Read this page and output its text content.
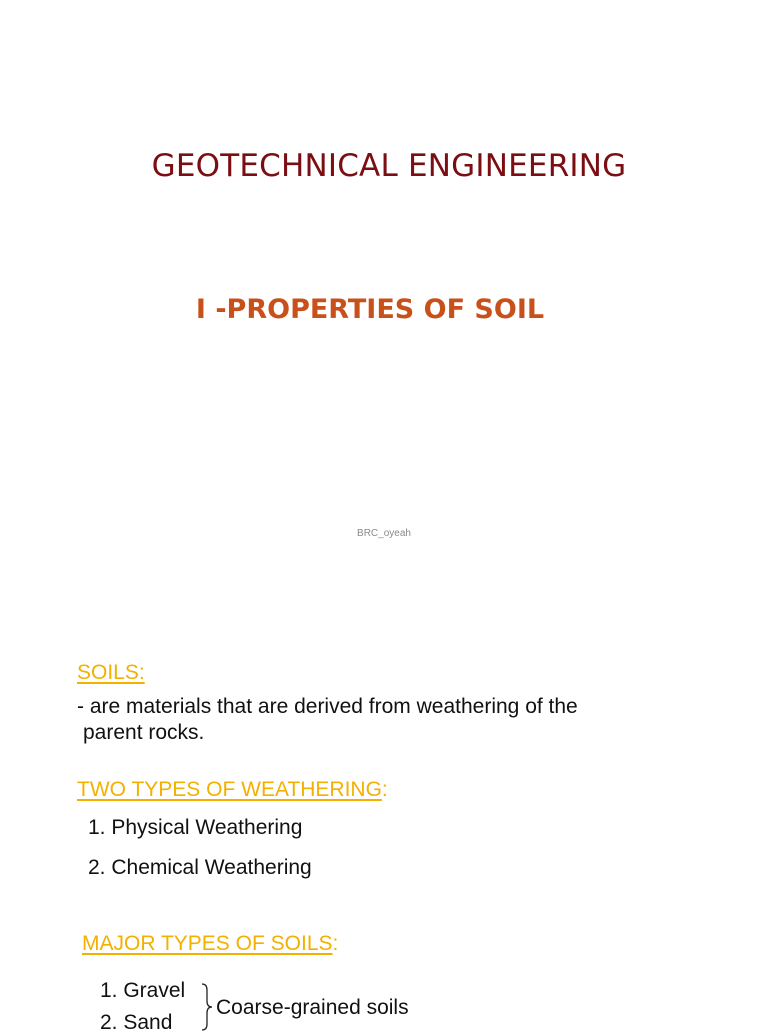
GEOTECHNICAL ENGINEERING
I -PROPERTIES OF SOIL
BRC_oyeah
SOILS:
- are materials that are derived from weathering of the
parent rocks.
TWO TYPES OF WEATHERING:
1. Physical Weathering
2. Chemical Weathering
MAJOR TYPES OF SOILS:
1. Gravel
2. Sand
Coarse-grained soils
